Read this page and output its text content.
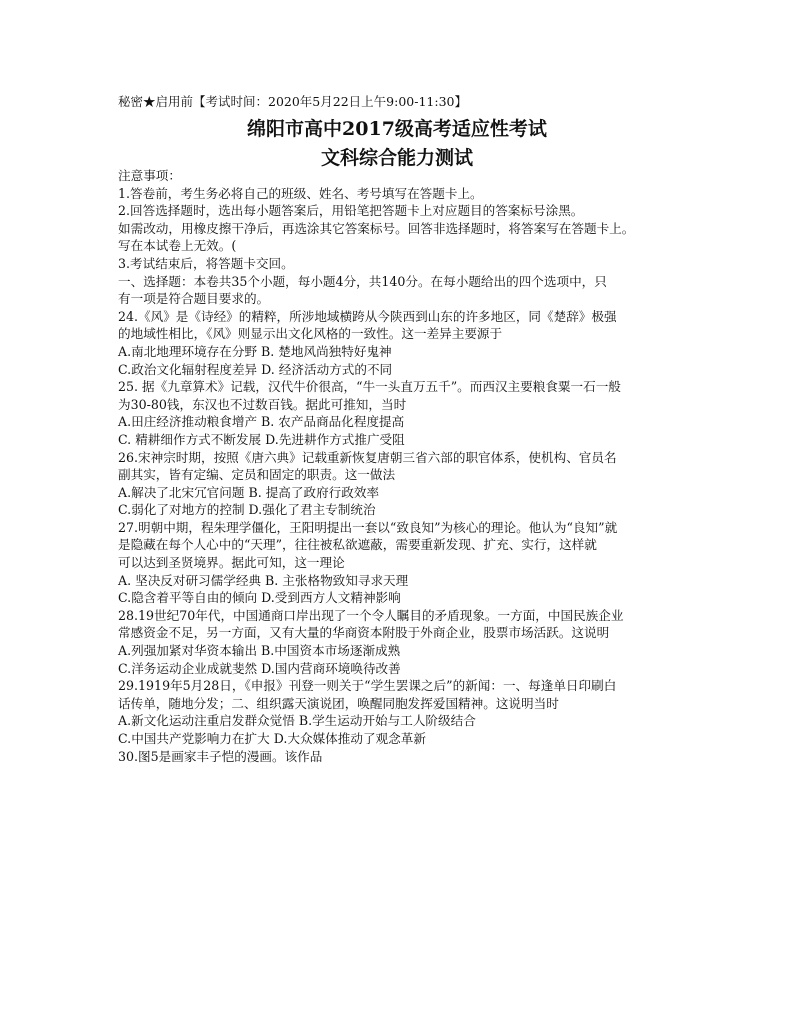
秘密★启用前【考试时间：2020年5月22日上午9:00-11:30】
绵阳市高中2017级高考适应性考试
文科综合能力测试
注意事项：
1.答卷前，考生务必将自己的班级、姓名、考号填写在答题卡上。
2.回答选择题时，选出每小题答案后，用铅笔把答题卡上对应题目的答案标号涂黑。
如需改动，用橡皮擦干净后，再选涂其它答案标号。回答非选择题时，将答案写在答题卡上。
写在本试卷上无效。(
3.考试结束后，将答题卡交回。
一、选择题：本卷共35个小题，每小题4分，共140分。在每小题给出的四个选项中，只
有一项是符合题目要求的。
24.《风》是《诗经》的精粹，所涉地域横跨从今陕西到山东的许多地区，同《楚辞》极强
的地域性相比，《风》则显示出文化风格的一致性。这一差异主要源于
A.南北地理环境存在分野 B. 楚地风尚独特好鬼神
C.政治文化辐射程度差异 D. 经济活动方式的不同
25. 据《九章算术》记载，汉代牛价很高，“牛一头直万五千”。而西汉主要粮食粟一石一般
为30-80钱，东汉也不过数百钱。据此可推知，当时
A.田庄经济推动粮食增产 B. 农产品商品化程度提高
C. 精耕细作方式不断发展 D.先进耕作方式推广受阻
26.宋神宗时期，按照《唐六典》记载重新恢复唐朝三省六部的职官体系，使机构、官员名
副其实，皆有定编、定员和固定的职责。这一做法
A.解决了北宋冗官问题 B. 提高了政府行政效率
C.弱化了对地方的控制 D.强化了君主专制统治
27.明朝中期，程朱理学僵化，王阳明提出一套以“致良知”为核心的理论。他认为“良知”就
是隐藏在每个人心中的“天理”，往往被私欲遮蔽，需要重新发现、扩充、实行，这样就
可以达到圣贤境界。据此可知，这一理论
A. 坚决反对研习儒学经典 B. 主张格物致知寻求天理
C.隐含着平等自由的倾向 D.受到西方人文精神影响
28.19世纪70年代，中国通商口岸出现了一个令人瞩目的矛盾现象。一方面，中国民族企业
常感资金不足，另一方面，又有大量的华商资本附股于外商企业，股票市场活跃。这说明
A.列强加紧对华资本输出 B.中国资本市场逐渐成熟
C.洋务运动企业成就斐然 D.国内营商环境唤待改善
29.1919年5月28日，《申报》刊登一则关于“学生罢课之后”的新闻：一、每逢单日印刷白
话传单，随地分发；二、组织露天演说团，唤醒同胞发挥爱国精神。这说明当时
A.新文化运动注重启发群众觉悟 B.学生运动开始与工人阶级结合
C.中国共产党影响力在扩大 D.大众媒体推动了观念革新
30.图5是画家丰子恺的漫画。该作品
